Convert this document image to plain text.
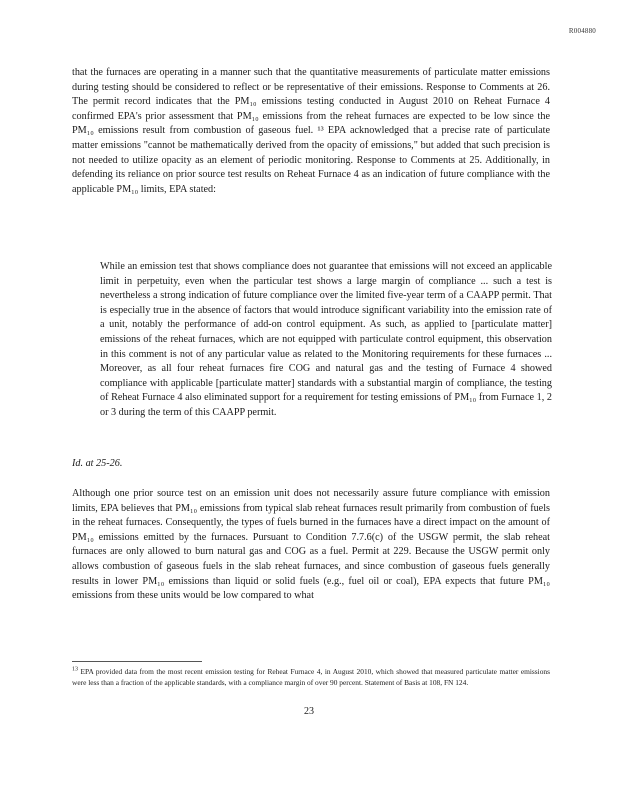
R004880

that the furnaces are operating in a manner such that the quantitative measurements of particulate matter emissions during testing should be considered to reflect or be representative of their emissions. Response to Comments at 26. The permit record indicates that the PM₁₀ emissions testing conducted in August 2010 on Reheat Furnace 4 confirmed EPA's prior assessment that PM₁₀ emissions from the reheat furnaces are expected to be low since the PM₁₀ emissions result from combustion of gaseous fuel. ¹³ EPA acknowledged that a precise rate of particulate matter emissions "cannot be mathematically derived from the opacity of emissions," but added that such precision is not needed to utilize opacity as an element of periodic monitoring. Response to Comments at 25. Additionally, in defending its reliance on prior source test results on Reheat Furnace 4 as an indication of future compliance with the applicable PM₁₀ limits, EPA stated:

While an emission test that shows compliance does not guarantee that emissions will not exceed an applicable limit in perpetuity, even when the particular test shows a large margin of compliance ... such a test is nevertheless a strong indication of future compliance over the limited five-year term of a CAAPP permit. That is especially true in the absence of factors that would introduce significant variability into the emission rate of a unit, notably the performance of add-on control equipment. As such, as applied to [particulate matter] emissions of the reheat furnaces, which are not equipped with particulate control equipment, this observation in this comment is not of any particular value as related to the Monitoring requirements for these furnaces ... Moreover, as all four reheat furnaces fire COG and natural gas and the testing of Furnace 4 showed compliance with applicable [particulate matter] standards with a substantial margin of compliance, the testing of Reheat Furnace 4 also eliminated support for a requirement for testing emissions of PM₁₀ from Furnace 1, 2 or 3 during the term of this CAAPP permit.

Id. at 25-26.

Although one prior source test on an emission unit does not necessarily assure future compliance with emission limits, EPA believes that PM₁₀ emissions from typical slab reheat furnaces result primarily from combustion of fuels in the reheat furnaces. Consequently, the types of fuels burned in the furnaces have a direct impact on the amount of PM₁₀ emissions emitted by the furnaces. Pursuant to Condition 7.7.6(c) of the USGW permit, the slab reheat furnaces are only allowed to burn natural gas and COG as a fuel. Permit at 229. Because the USGW permit only allows combustion of gaseous fuels in the slab reheat furnaces, and since combustion of gaseous fuels generally results in lower PM₁₀ emissions than liquid or solid fuels (e.g., fuel oil or coal), EPA expects that future PM₁₀ emissions from these units would be low compared to what

$^{13}$ EPA provided data from the most recent emission testing for Reheat Furnace 4, in August 2010, which showed that measured particulate matter emissions were less than a fraction of the applicable standards, with a compliance margin of over 90 percent. Statement of Basis at 108, FN 124.

23
